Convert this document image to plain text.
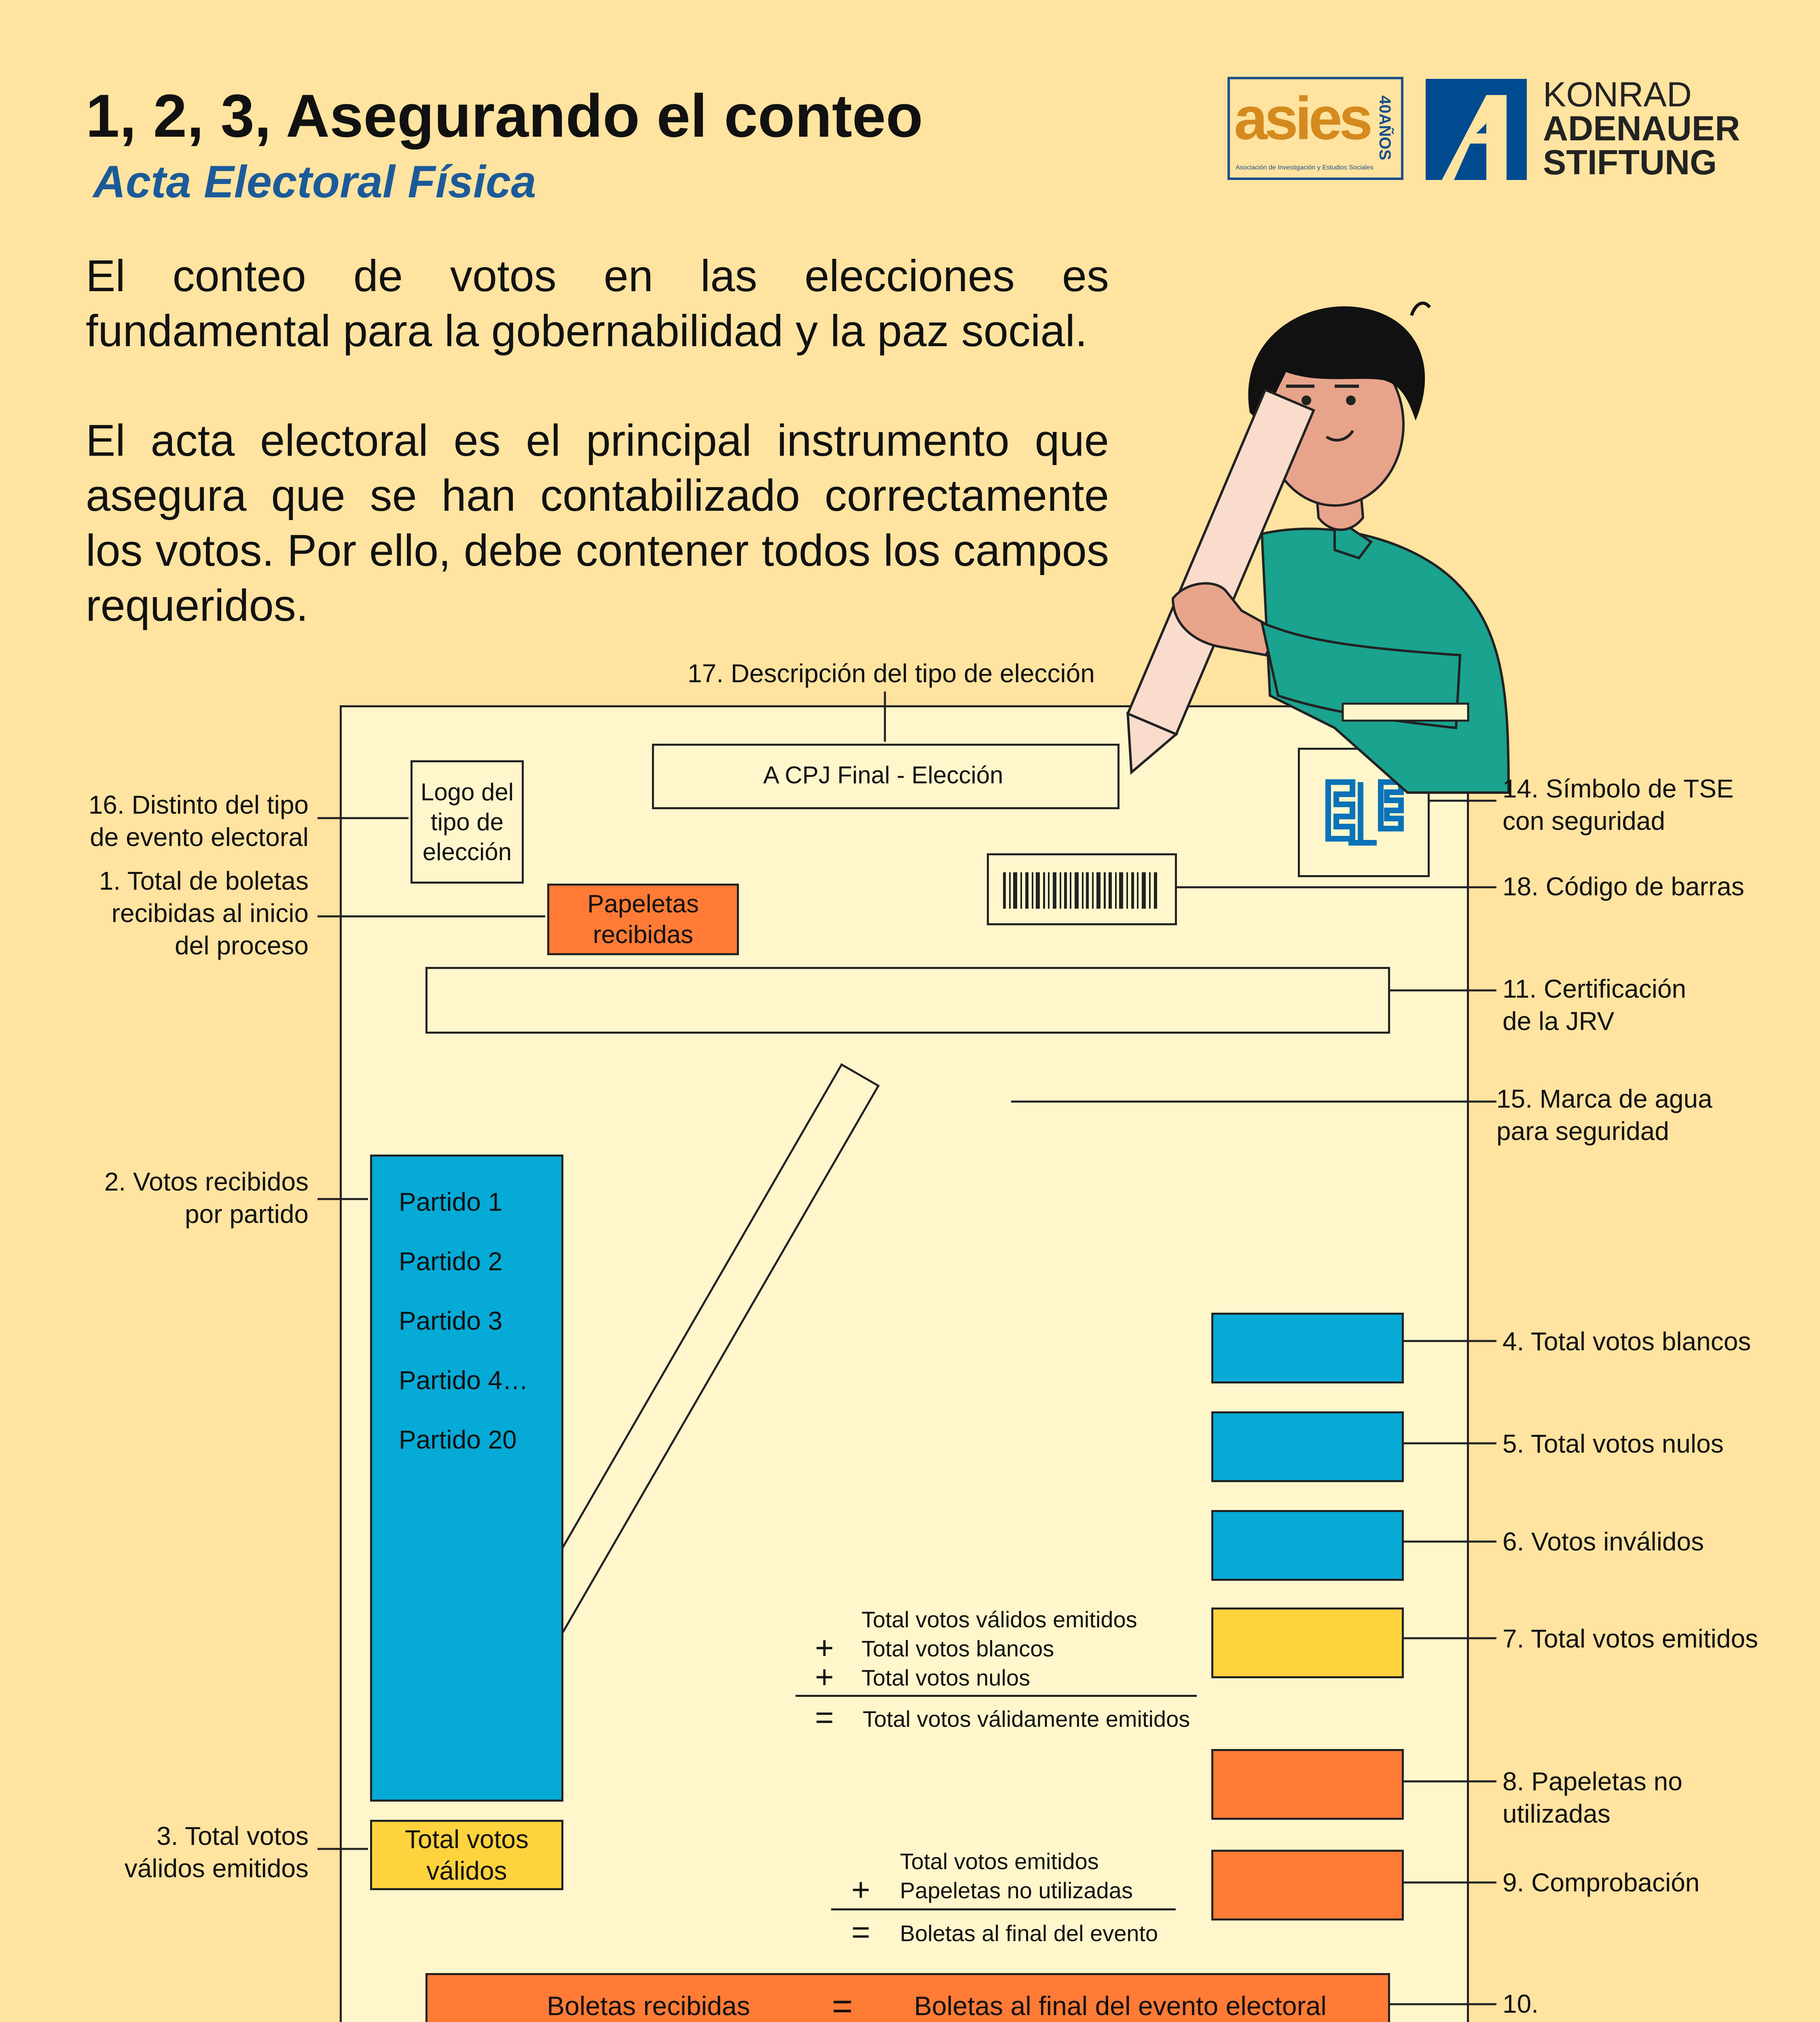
1, 2, 3, Asegurando el conteo
Acta Electoral Física
asies 40AÑOS
Asociación de Investigación y Estudios Sociales
KONRAD
ADENAUER
STIFTUNG
El conteo de votos en las elecciones es fundamental para la gobernabilidad y la paz social.
El acta electoral es el principal instrumento que asegura que se han contabilizado correctamente los votos. Por ello, debe contener todos los campos requeridos.
Logo del
tipo de
elección
A CPJ Final - Elección
Papeletas
recibidas
Partido 1
Partido 2
Partido 3
Partido 4…
Partido 20
Total votos
válidos
Total votos válidos emitidos
+ Total votos blancos
+ Total votos nulos
= Total votos válidamente emitidos
Total votos emitidos
+ Papeletas no utilizadas
= Boletas al final del evento
Boletas recibidas = Boletas al final del evento electoral
17. Descripción del tipo de elección
16. Distinto del tipo
de evento electoral
1. Total de boletas
recibidas al inicio
del proceso
2. Votos recibidos
por partido
3. Total votos
válidos emitidos
14. Símbolo de TSE
con seguridad
18. Código de barras
11. Certificación
de la JRV
15. Marca de agua
para seguridad
4. Total votos blancos
5. Total votos nulos
6. Votos inválidos
7. Total votos emitidos
8. Papeletas no
utilizadas
9. Comprobación
10.
